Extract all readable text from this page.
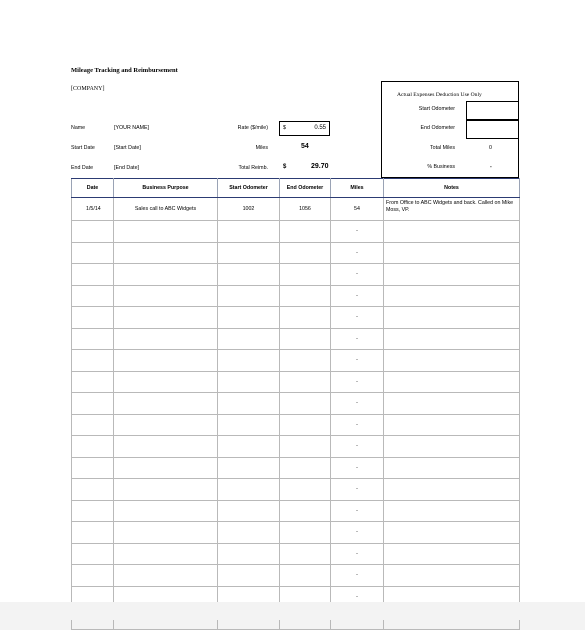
Mileage Tracking and Reimbursement
[COMPANY]
Name	[YOUR NAME]
Start Date	[Start Date]
End Date	[End Date]
Rate ($/mile)	$	0.55
Miles	54
Total Reimb.	$	29.70
Actual Expenses Deduction Use Only
Start Odometer
End Odometer
Total Miles	0
% Business	-
Date	Business Purpose	Start Odometer	End Odometer	Miles	Notes
1/5/14	Sales call to ABC Widgets	1002	1056	54	From Office to ABC Widgets and back. Called on Mike Moss, VP.
				-	
				-	
				-	
				-	
				-	
				-	
				-	
				-	
				-	
				-	
				-	
				-	
				-	
				-	
				-	
				-	
				-	
				-	
